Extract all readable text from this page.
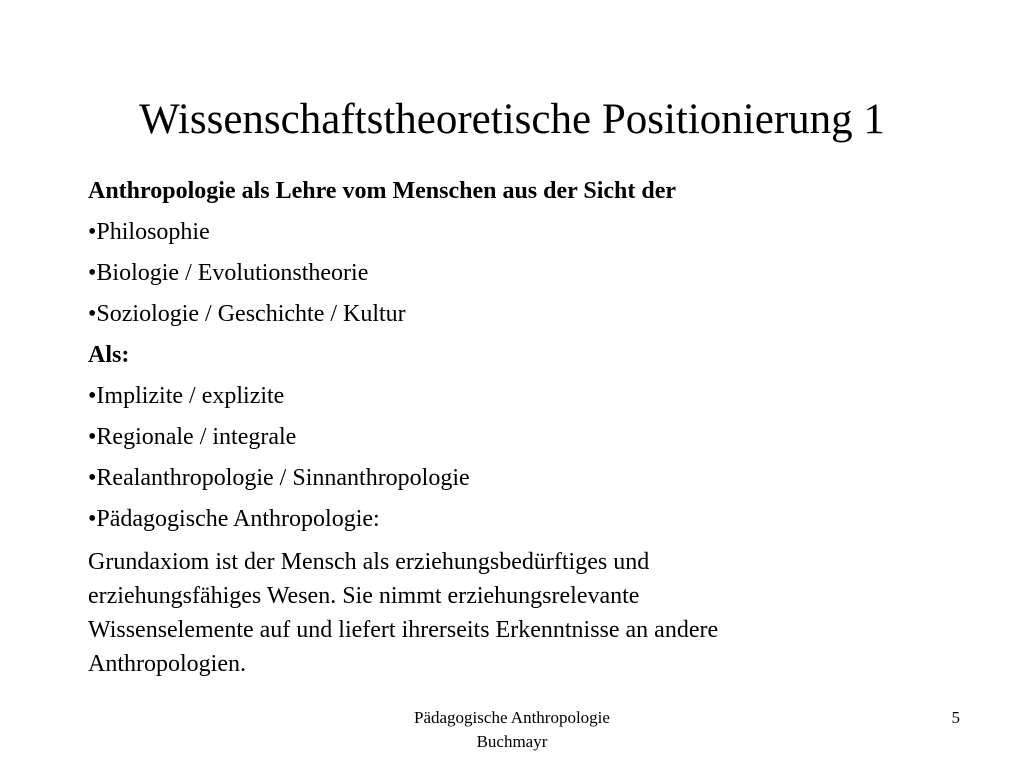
Wissenschaftstheoretische Positionierung 1
Anthropologie als Lehre vom Menschen aus der Sicht der
•Philosophie
•Biologie / Evolutionstheorie
•Soziologie / Geschichte / Kultur
Als:
•Implizite / explizite
•Regionale / integrale
•Realanthropologie / Sinnanthropologie
•Pädagogische Anthropologie:
Grundaxiom ist der Mensch als erziehungsbedürftiges und
erziehungsfähiges Wesen. Sie nimmt erziehungsrelevante
Wissenselemente auf und liefert ihrerseits Erkenntnisse an andere
Anthropologien.
Pädagogische Anthropologie
Buchmayr
5
